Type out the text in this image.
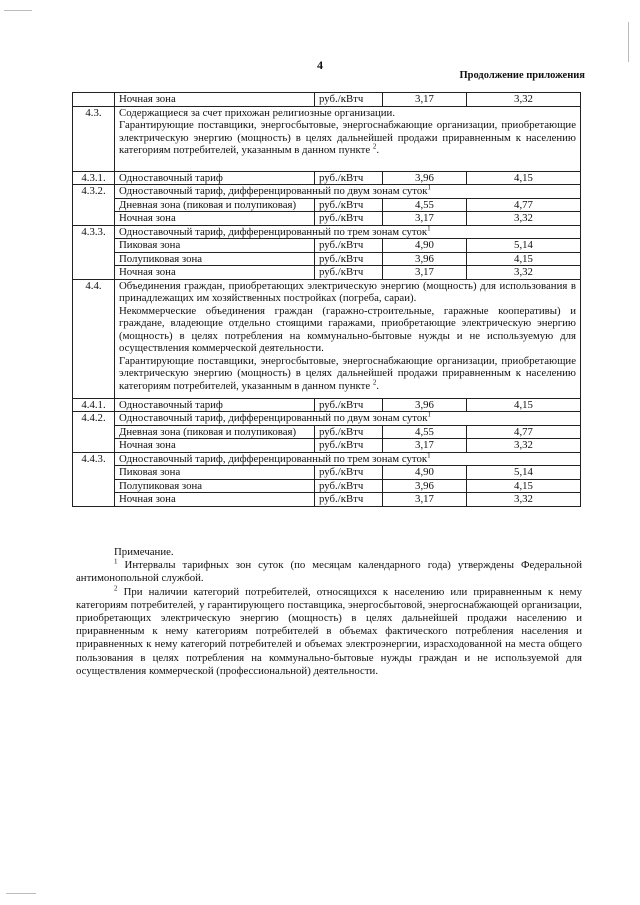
4
Продолжение приложения
	Ночная зона	руб./кВтч	3,17	3,32
4.3.	Содержащиеся за счет прихожан религиозные организации.

Гарантирующие поставщики, энергосбытовые, энергоснабжающие организации, приобретающие электрическую энергию (мощность) в целях дальнейшей продажи приравненным к населению категориям потребителей, указанным в данном пункте $^2$.			

4.3.1.	Одноставочный тариф	руб./кВтч	3,96	4,15
4.3.2.	Одноставочный тариф, дифференцированный по двум зонам суток$^1$
	Дневная зона (пиковая и полупиковая)	руб./кВтч	4,55	4,77
	Ночная зона	руб./кВтч	3,17	3,32
4.3.3.	Одноставочный тариф, дифференцированный по трем зонам суток$^1$
	Пиковая зона	руб./кВтч	4,90	5,14
	Полупиковая зона	руб./кВтч	3,96	4,15
	Ночная зона	руб./кВтч	3,17	3,32
4.4.	Объединения граждан, приобретающих электрическую энергию (мощность) для использования в принадлежащих им хозяйственных постройках (погреба, сараи).

Некоммерческие объединения граждан (гаражно-строительные, гаражные кооперативы) и граждане, владеющие отдельно стоящими гаражами, приобретающие электрическую энергию (мощность) в целях потребления на коммунально-бытовые нужды и не используемую для осуществления коммерческой деятельности.

Гарантирующие поставщики, энергосбытовые, энергоснабжающие организации, приобретающие электрическую энергию (мощность) в целях дальнейшей продажи приравненным к населению категориям потребителей, указанным в данном пункте $^2$.			

4.4.1.	Одноставочный тариф	руб./кВтч	3,96	4,15
4.4.2.	Одноставочный тариф, дифференцированный по двум зонам суток$^1$
	Дневная зона (пиковая и полупиковая)	руб./кВтч	4,55	4,77
	Ночная зона	руб./кВтч	3,17	3,32
4.4.3.	Одноставочный тариф, дифференцированный по трем зонам суток$^1$
	Пиковая зона	руб./кВтч	4,90	5,14
	Полупиковая зона	руб./кВтч	3,96	4,15
	Ночная зона	руб./кВтч	3,17	3,32

Примечание.

$^1$ Интервалы тарифных зон суток (по месяцам календарного года) утверждены Федеральной антимонопольной службой.

$^2$ При наличии категорий потребителей, относящихся к населению или приравненным к нему категориям потребителей, у гарантирующего поставщика, энергосбытовой, энергоснабжающей организации, приобретающих электрическую энергию (мощность) в целях дальнейшей продажи населению и приравненным к нему категориям потребителей в объемах фактического потребления населения и приравненных к нему категорий потребителей и объемах электроэнергии, израсходованной на места общего пользования в целях потребления на коммунально-бытовые нужды граждан и не используемой для осуществления коммерческой (профессиональной) деятельности.
